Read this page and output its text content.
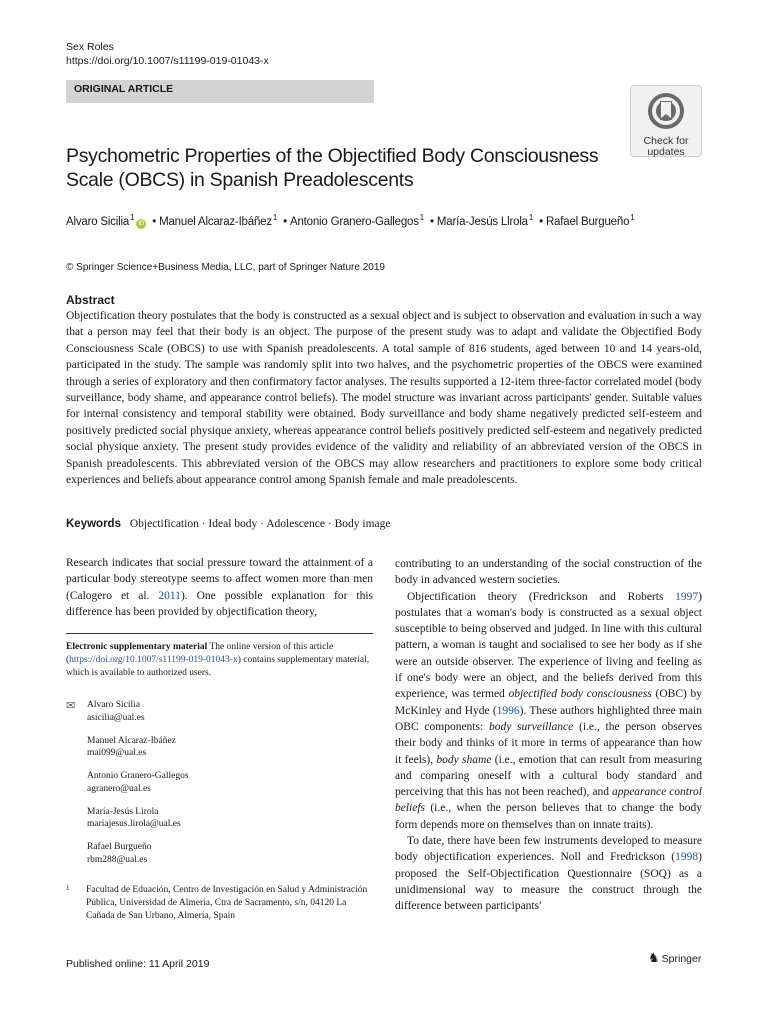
Sex Roles
https://doi.org/10.1007/s11199-019-01043-x
ORIGINAL ARTICLE
Check for
updates
Psychometric Properties of the Objectified Body Consciousness Scale (OBCS) in Spanish Preadolescents
Alvaro Sicilia$^1$iD • Manuel Alcaraz-Ibáñez$^1$ • Antonio Granero-Gallegos$^1$ • María-Jesús Llrola$^1$ • Rafael Burgueño$^1$
© Springer Science+Business Media, LLC, part of Springer Nature 2019
Abstract

Objectification theory postulates that the body is constructed as a sexual object and is subject to observation and evaluation in such a way that a person may feel that their body is an object. The purpose of the present study was to adapt and validate the Objectified Body Consciousness Scale (OBCS) to use with Spanish preadolescents. A total sample of 816 students, aged between 10 and 14 years-old, participated in the study. The sample was randomly split into two halves, and the psychometric properties of the OBCS were examined through a series of exploratory and then confirmatory factor analyses. The results supported a 12-item three-factor correlated model (body surveillance, body shame, and appearance control beliefs). The model structure was invariant across participants' gender. Suitable values for internal consistency and temporal stability were obtained. Body surveillance and body shame negatively predicted self-esteem and positively predicted social physique anxiety, whereas appearance control beliefs positively predicted self-esteem and negatively predicted social physique anxiety. The present study provides evidence of the validity and reliability of an abbreviated version of the OBCS in Spanish preadolescents. This abbreviated version of the OBCS may allow researchers and practitioners to explore some body critical experiences and beliefs about appearance control among Spanish female and male preadolescents.

Keywords Objectification · Ideal body · Adolescence · Body image

Research indicates that social pressure toward the attainment of a particular body stereotype seems to affect women more than men (Calogero et al. 2011). One possible explanation for this difference has been provided by objectification theory,

Electronic supplementary material The online version of this article (https://doi.org/10.1007/s11199-019-01043-x) contains supplementary material, which is available to authorized users.
✉ Alvaro Sicilia
asicilia@ual.es
Manuel Alcaraz-Ibáñez
mai099@ual.es
Antonio Granero-Gallegos
agranero@ual.es
María-Jesús Lirola
mariajesus.lirola@ual.es
Rafael Burgueño
rbm288@ual.es
1	Facultad de Eduación, Centro de Investigación en Salud y Administración Pública, Universidad de Almería, Ctra de Sacramento, s/n, 04120 La Cañada de San Urbano, Almería, Spain

contributing to an understanding of the social construction of the body in advanced western societies.

Objectification theory (Fredrickson and Roberts 1997) postulates that a woman's body is constructed as a sexual object susceptible to being observed and judged. In line with this cultural pattern, a woman is taught and socialised to see her body as if she were an outside observer. The experience of living and feeling as if one's body were an object, and the beliefs derived from this experience, was termed objectified body consciousness (OBC) by McKinley and Hyde (1996). These authors highlighted three main OBC components: body surveillance (i.e., the person observes their body and thinks of it more in terms of appearance than how it feels), body shame (i.e., emotion that can result from measuring and comparing oneself with a cultural body standard and perceiving that this has not been reached), and appearance control beliefs (i.e., when the person believes that to change the body form depends more on themselves than on innate traits).

To date, there have been few instruments developed to measure body objectification experiences. Noll and Fredrickson (1998) proposed the Self-Objectification Questionnaire (SOQ) as a unidimensional way to measure the construct through the difference between participants'

Published online: 11 April 2019	♞ Springer
